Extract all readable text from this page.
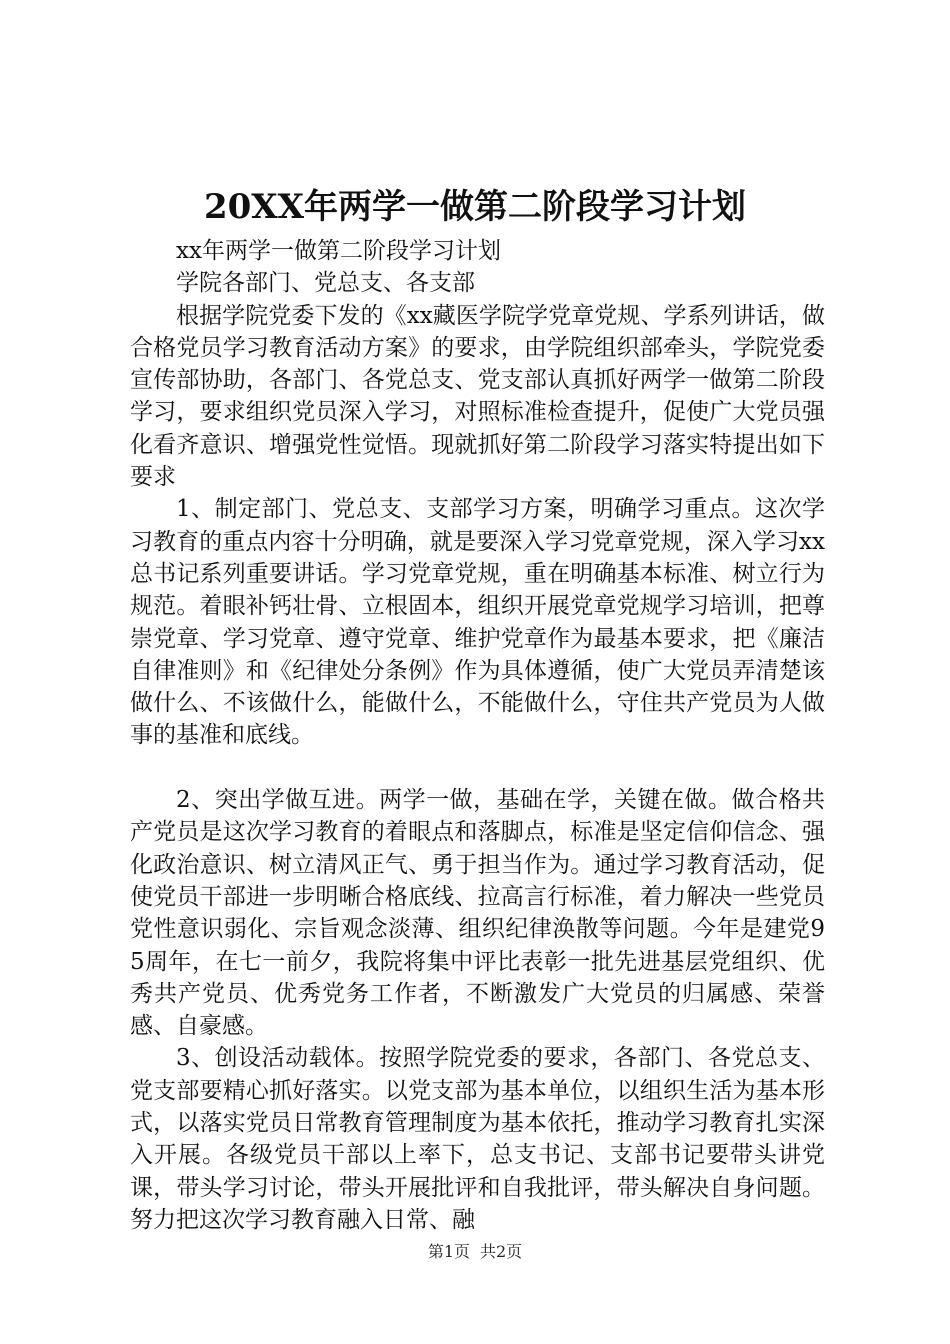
20XX年两学一做第二阶段学习计划

xx年两学一做第二阶段学习计划

学院各部门、党总支、各支部

根据学院党委下发的《xx藏医学院学党章党规、学系列讲话，做合格党员学习教育活动方案》的要求，由学院组织部牵头，学院党委宣传部协助，各部门、各党总支、党支部认真抓好两学一做第二阶段学习，要求组织党员深入学习，对照标准检查提升，促使广大党员强化看齐意识、增强党性觉悟。现就抓好第二阶段学习落实特提出如下要求

1、制定部门、党总支、支部学习方案，明确学习重点。这次学习教育的重点内容十分明确，就是要深入学习党章党规，深入学习xx总书记系列重要讲话。学习党章党规，重在明确基本标准、树立行为规范。着眼补钙壮骨、立根固本，组织开展党章党规学习培训，把尊崇党章、学习党章、遵守党章、维护党章作为最基本要求，把《廉洁自律准则》和《纪律处分条例》作为具体遵循，使广大党员弄清楚该做什么、不该做什么，能做什么，不能做什么，守住共产党员为人做事的基准和底线。

2、突出学做互进。两学一做，基础在学，关键在做。做合格共产党员是这次学习教育的着眼点和落脚点，标准是坚定信仰信念、强化政治意识、树立清风正气、勇于担当作为。通过学习教育活动，促使党员干部进一步明晰合格底线、拉高言行标准，着力解决一些党员党性意识弱化、宗旨观念淡薄、组织纪律涣散等问题。今年是建党95周年，在七一前夕，我院将集中评比表彰一批先进基层党组织、优秀共产党员、优秀党务工作者，不断激发广大党员的归属感、荣誉感、自豪感。

3、创设活动载体。按照学院党委的要求，各部门、各党总支、党支部要精心抓好落实。以党支部为基本单位，以组织生活为基本形式，以落实党员日常教育管理制度为基本依托，推动学习教育扎实深入开展。各级党员干部以上率下，总支书记、支部书记要带头讲党课，带头学习讨论，带头开展批评和自我批评，带头解决自身问题。努力把这次学习教育融入日常、融

第1页 共2页
